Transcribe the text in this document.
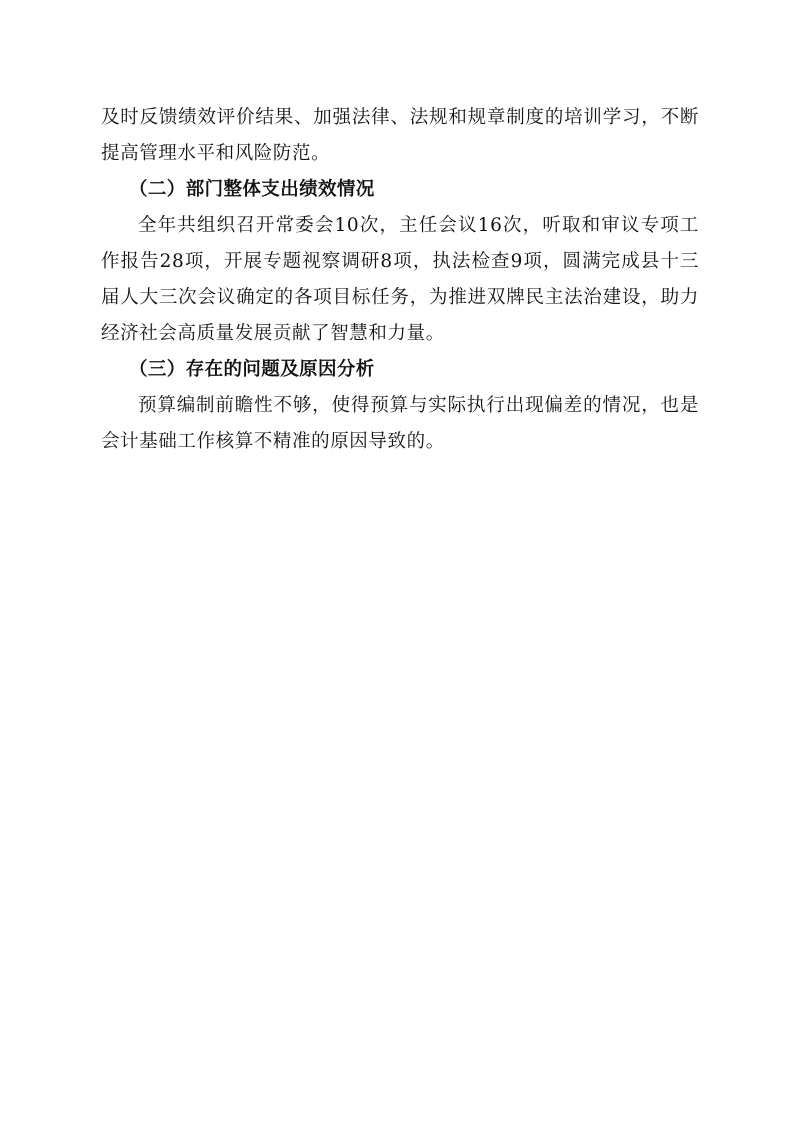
及时反馈绩效评价结果、加强法律、法规和规章制度的培训学习，不断提高管理水平和风险防范。

（二）部门整体支出绩效情况

全年共组织召开常委会10次，主任会议16次，听取和审议专项工作报告28项，开展专题视察调研8项，执法检查9项，圆满完成县十三届人大三次会议确定的各项目标任务，为推进双牌民主法治建设，助力经济社会高质量发展贡献了智慧和力量。

（三）存在的问题及原因分析

预算编制前瞻性不够，使得预算与实际执行出现偏差的情况，也是会计基础工作核算不精准的原因导致的。
